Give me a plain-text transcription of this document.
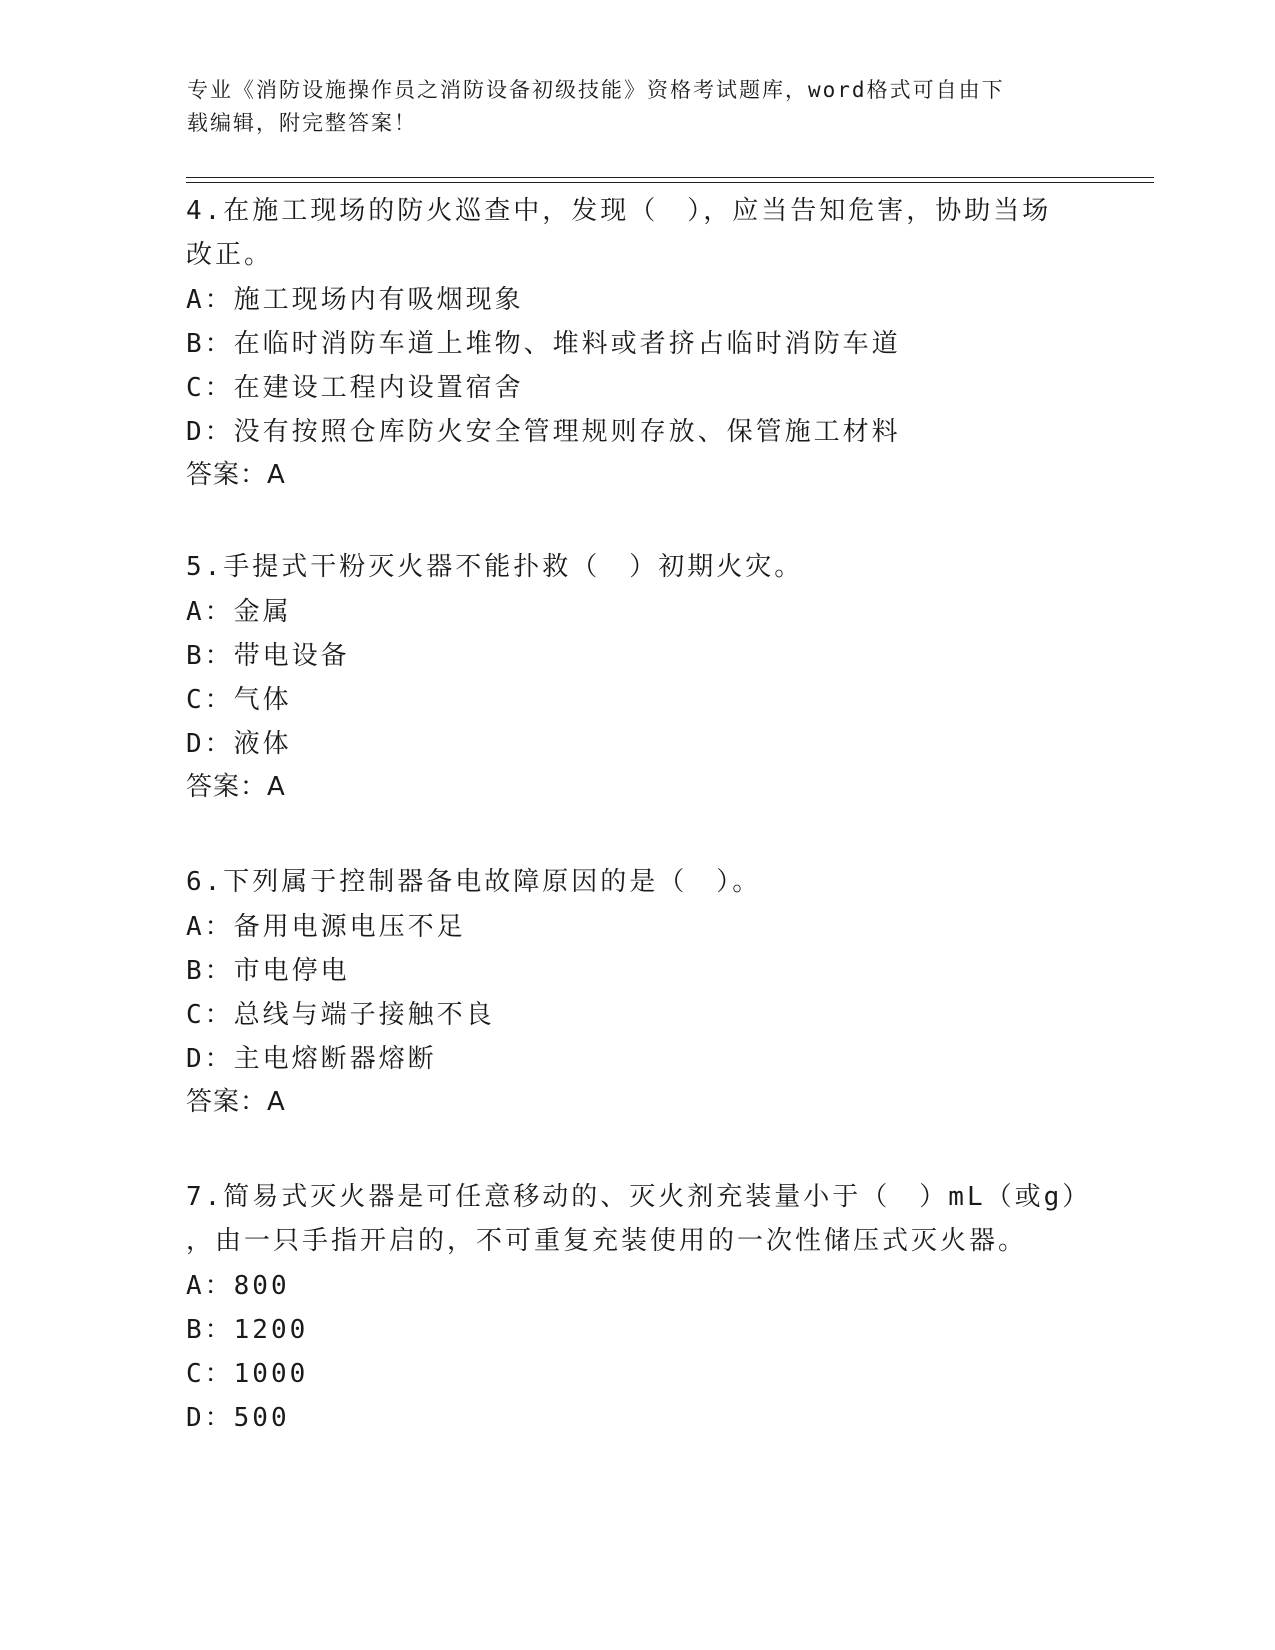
专业《消防设施操作员之消防设备初级技能》资格考试题库，word格式可自由下
载编辑，附完整答案！
4.在施工现场的防火巡查中，发现（　），应当告知危害，协助当场
改正。
A：施工现场内有吸烟现象
B：在临时消防车道上堆物、堆料或者挤占临时消防车道
C：在建设工程内设置宿舍
D：没有按照仓库防火安全管理规则存放、保管施工材料
答案：A
5.手提式干粉灭火器不能扑救（　）初期火灾。
A：金属
B：带电设备
C：气体
D：液体
答案：A
6.下列属于控制器备电故障原因的是（　）。
A：备用电源电压不足
B：市电停电
C：总线与端子接触不良
D：主电熔断器熔断
答案：A
7.简易式灭火器是可任意移动的、灭火剂充装量小于（　）mL（或g）
，由一只手指开启的，不可重复充装使用的一次性储压式灭火器。
A：800
B：1200
C：1000
D：500
